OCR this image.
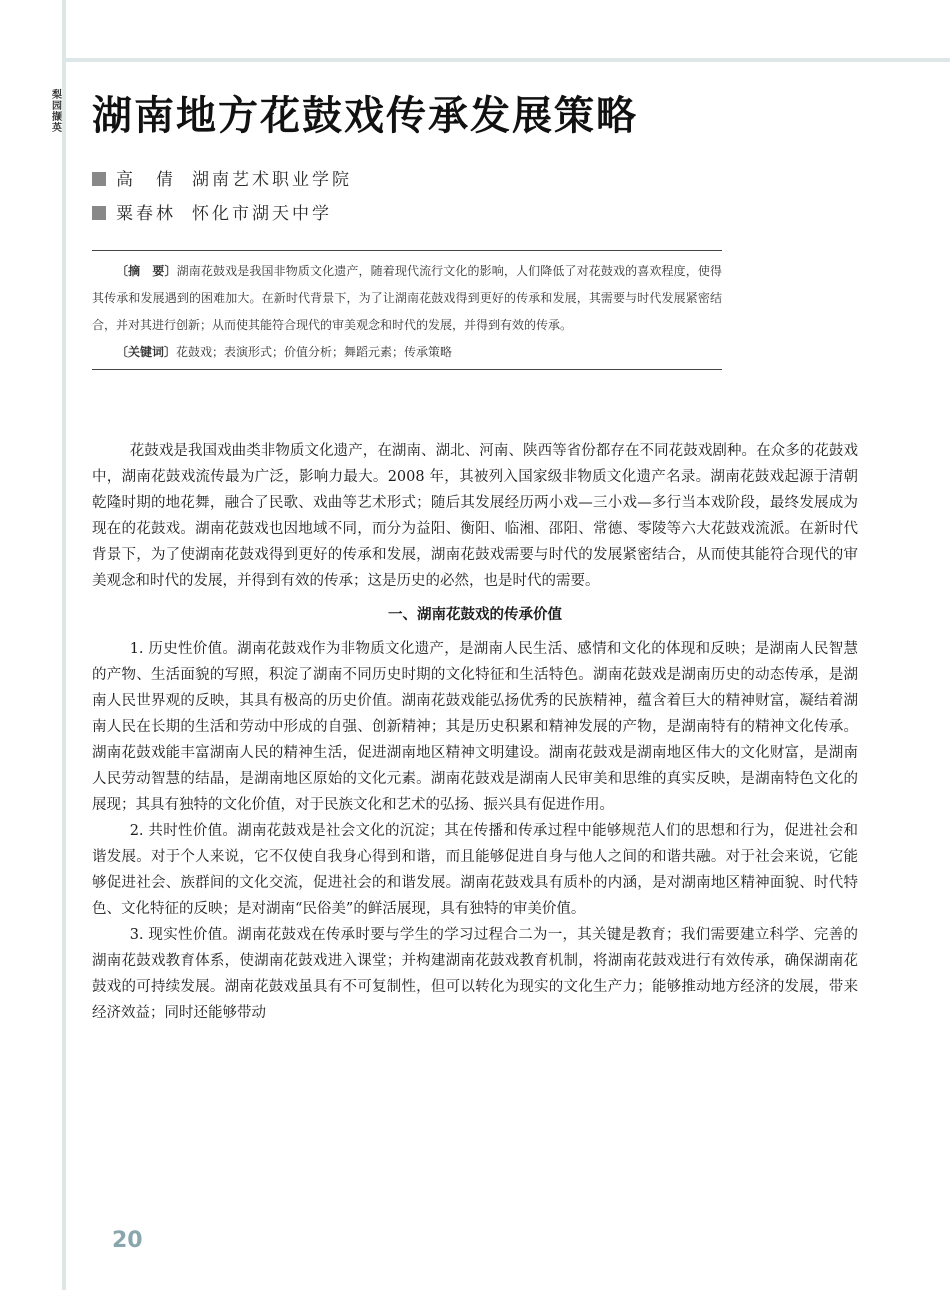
梨园撷英 湖南地方花鼓戏传承发展策略
高　倩 湖南艺术职业学院
粟春林 怀化市湖天中学

〔摘　要〕湖南花鼓戏是我国非物质文化遗产，随着现代流行文化的影响，人们降低了对花鼓戏的喜欢程度，使得其传承和发展遇到的困难加大。在新时代背景下，为了让湖南花鼓戏得到更好的传承和发展，其需要与时代发展紧密结合，并对其进行创新；从而使其能符合现代的审美观念和时代的发展，并得到有效的传承。

〔关键词〕花鼓戏；表演形式；价值分析；舞蹈元素；传承策略

花鼓戏是我国戏曲类非物质文化遗产，在湖南、湖北、河南、陕西等省份都存在不同花鼓戏剧种。在众多的花鼓戏中，湖南花鼓戏流传最为广泛，影响力最大。2008 年，其被列入国家级非物质文化遗产名录。湖南花鼓戏起源于清朝乾隆时期的地花舞，融合了民歌、戏曲等艺术形式；随后其发展经历两小戏—三小戏—多行当本戏阶段，最终发展成为现在的花鼓戏。湖南花鼓戏也因地域不同，而分为益阳、衡阳、临湘、邵阳、常德、零陵等六大花鼓戏流派。在新时代背景下，为了使湖南花鼓戏得到更好的传承和发展，湖南花鼓戏需要与时代的发展紧密结合，从而使其能符合现代的审美观念和时代的发展，并得到有效的传承；这是历史的必然，也是时代的需要。

一、湖南花鼓戏的传承价值

1. 历史性价值。湖南花鼓戏作为非物质文化遗产，是湖南人民生活、感情和文化的体现和反映；是湖南人民智慧的产物、生活面貌的写照，积淀了湖南不同历史时期的文化特征和生活特色。湖南花鼓戏是湖南历史的动态传承，是湖南人民世界观的反映，其具有极高的历史价值。湖南花鼓戏能弘扬优秀的民族精神，蕴含着巨大的精神财富，凝结着湖南人民在长期的生活和劳动中形成的自强、创新精神；其是历史积累和精神发展的产物，是湖南特有的精神文化传承。湖南花鼓戏能丰富湖南人民的精神生活，促进湖南地区精神文明建设。湖南花鼓戏是湖南地区伟大的文化财富，是湖南人民劳动智慧的结晶，是湖南地区原始的文化元素。湖南花鼓戏是湖南人民审美和思维的真实反映，是湖南特色文化的展现；其具有独特的文化价值，对于民族文化和艺术的弘扬、振兴具有促进作用。

2. 共时性价值。湖南花鼓戏是社会文化的沉淀；其在传播和传承过程中能够规范人们的思想和行为，促进社会和谐发展。对于个人来说，它不仅使自我身心得到和谐，而且能够促进自身与他人之间的和谐共融。对于社会来说，它能够促进社会、族群间的文化交流，促进社会的和谐发展。湖南花鼓戏具有质朴的内涵，是对湖南地区精神面貌、时代特色、文化特征的反映；是对湖南“民俗美”的鲜活展现，具有独特的审美价值。

3. 现实性价值。湖南花鼓戏在传承时要与学生的学习过程合二为一，其关键是教育；我们需要建立科学、完善的湖南花鼓戏教育体系，使湖南花鼓戏进入课堂；并构建湖南花鼓戏教育机制，将湖南花鼓戏进行有效传承，确保湖南花鼓戏的可持续发展。湖南花鼓戏虽具有不可复制性，但可以转化为现实的文化生产力；能够推动地方经济的发展，带来经济效益；同时还能够带动

20
